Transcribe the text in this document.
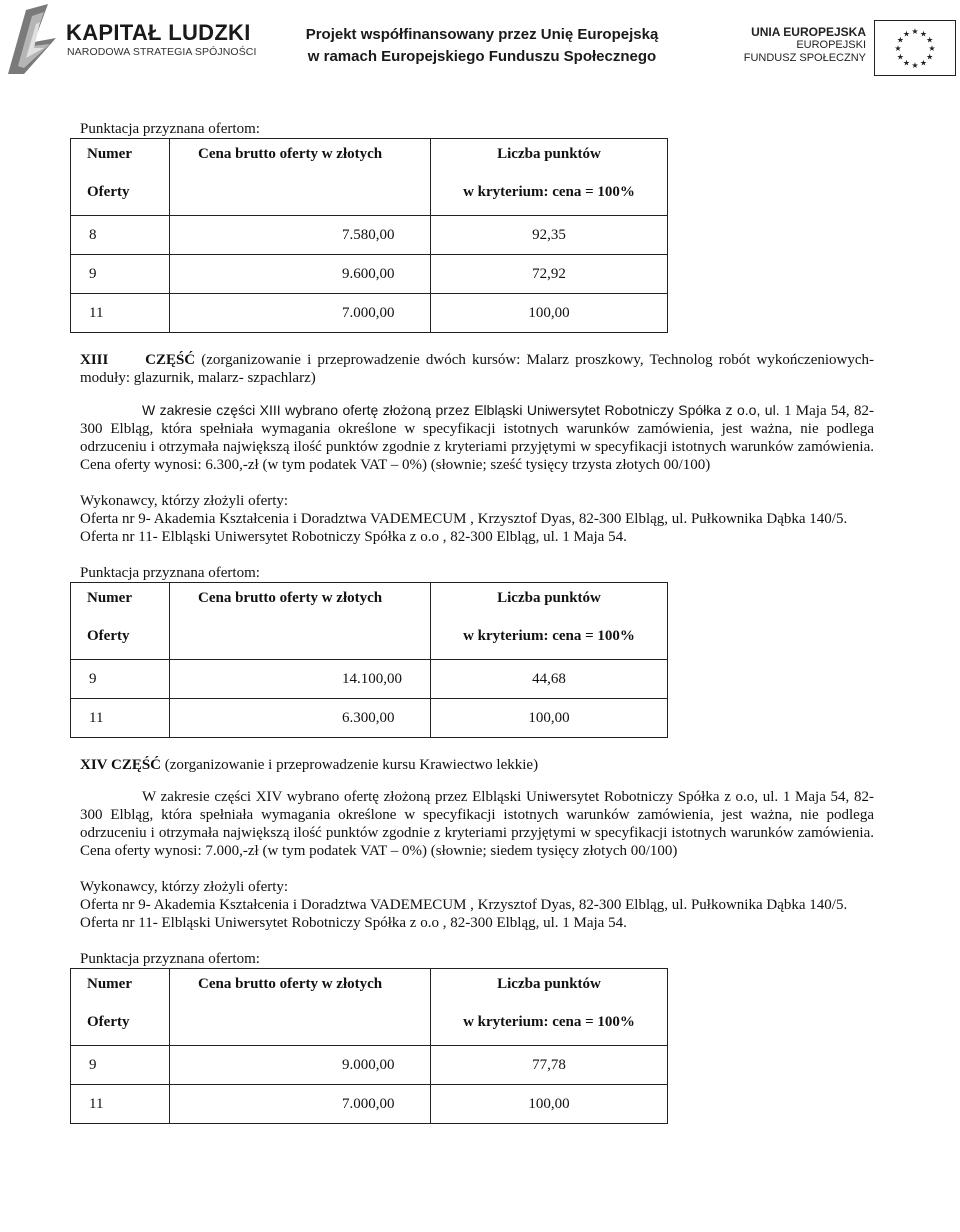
KAPITAŁ LUDZKI
NARODOWA STRATEGIA SPÓJNOŚCI
Projekt współfinansowany przez Unię Europejską
w ramach Europejskiego Funduszu Społecznego
UNIA EUROPEJSKA
EUROPEJSKI
FUNDUSZ SPOŁECZNY
★
★
★
★
★
★
★
★
★ ★ ★
★

Punktacja przyznana ofertom:

Numer
Oferty	Cena brutto oferty w złotych	Liczba punktów
w kryterium: cena = 100%

8	7.580,00	92,35
9	9.600,00	72,92
11	7.000,00	100,00

XIII CZĘŚĆ (zorganizowanie i przeprowadzenie dwóch kursów: Malarz proszkowy, Technolog robót wykończeniowych-moduły: glazurnik, malarz- szpachlarz)

W zakresie części XIII wybrano ofertę złożoną przez Elbląski Uniwersytet Robotniczy Spółka z o.o, ul. 1 Maja 54, 82-300 Elbląg, która spełniała wymagania określone w specyfikacji istotnych warunków zamówienia, jest ważna, nie podlega odrzuceniu i otrzymała największą ilość punktów zgodnie z kryteriami przyjętymi w specyfikacji istotnych warunków zamówienia. Cena oferty wynosi: 6.300,-zł (w tym podatek VAT – 0%) (słownie; sześć tysięcy trzysta złotych 00/100)

Wykonawcy, którzy złożyli oferty:

Oferta nr 9- Akademia Kształcenia i Doradztwa VADEMECUM , Krzysztof Dyas, 82-300 Elbląg, ul. Pułkownika Dąbka 140/5.

Oferta nr 11- Elbląski Uniwersytet Robotniczy Spółka z o.o , 82-300 Elbląg, ul. 1 Maja 54.

Punktacja przyznana ofertom:

Numer
Oferty	Cena brutto oferty w złotych	Liczba punktów
w kryterium: cena = 100%

9	14.100,00	44,68
11	6.300,00	100,00

XIV CZĘŚĆ (zorganizowanie i przeprowadzenie kursu Krawiectwo lekkie)

W zakresie części XIV wybrano ofertę złożoną przez Elbląski Uniwersytet Robotniczy Spółka z o.o, ul. 1 Maja 54, 82-300 Elbląg, która spełniała wymagania określone w specyfikacji istotnych warunków zamówienia, jest ważna, nie podlega odrzuceniu i otrzymała największą ilość punktów zgodnie z kryteriami przyjętymi w specyfikacji istotnych warunków zamówienia. Cena oferty wynosi: 7.000,-zł (w tym podatek VAT – 0%) (słownie; siedem tysięcy złotych 00/100)

Wykonawcy, którzy złożyli oferty:

Oferta nr 9- Akademia Kształcenia i Doradztwa VADEMECUM , Krzysztof Dyas, 82-300 Elbląg, ul. Pułkownika Dąbka 140/5.

Oferta nr 11- Elbląski Uniwersytet Robotniczy Spółka z o.o , 82-300 Elbląg, ul. 1 Maja 54.

Punktacja przyznana ofertom:

Numer
Oferty	Cena brutto oferty w złotych	Liczba punktów
w kryterium: cena = 100%

9	9.000,00	77,78
11	7.000,00	100,00
